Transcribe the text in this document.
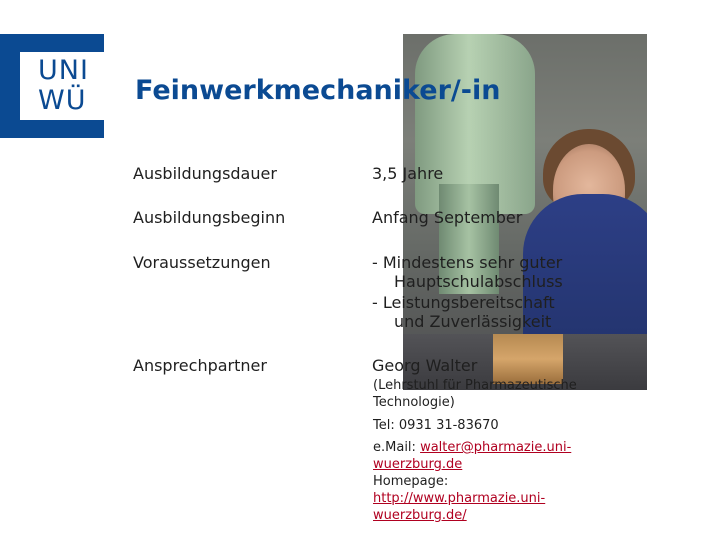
UNI
WÜ Feinwerkmechaniker/-in
Ausbildungsdauer	3,5 Jahre
Ausbildungsbeginn	Anfang September
Voraussetzungen	- Mindestens sehr guter
Hauptschulabschluss
- Leistungsbereitschaft
und Zuverlässigkeit
Ansprechpartner	Georg Walter
(Lehrstuhl für Pharmazeutische
Technologie)
Tel: 0931 31-83670
e.Mail: walter@pharmazie.uni-
wuerzburg.de
Homepage:
http://www.pharmazie.uni-
wuerzburg.de/
